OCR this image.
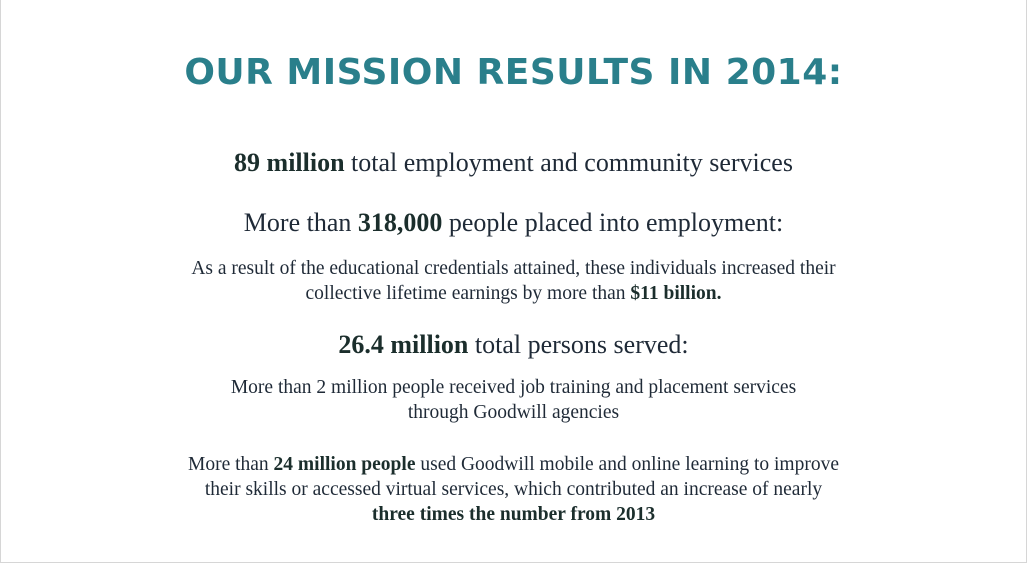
OUR MISSION RESULTS IN 2014:
89 million total employment and community services
More than 318,000 people placed into employment:
As a result of the educational credentials attained, these individuals increased their
collective lifetime earnings by more than $11 billion.
26.4 million total persons served:
More than 2 million people received job training and placement services
through Goodwill agencies
More than 24 million people used Goodwill mobile and online learning to improve
their skills or accessed virtual services, which contributed an increase of nearly
three times the number from 2013
